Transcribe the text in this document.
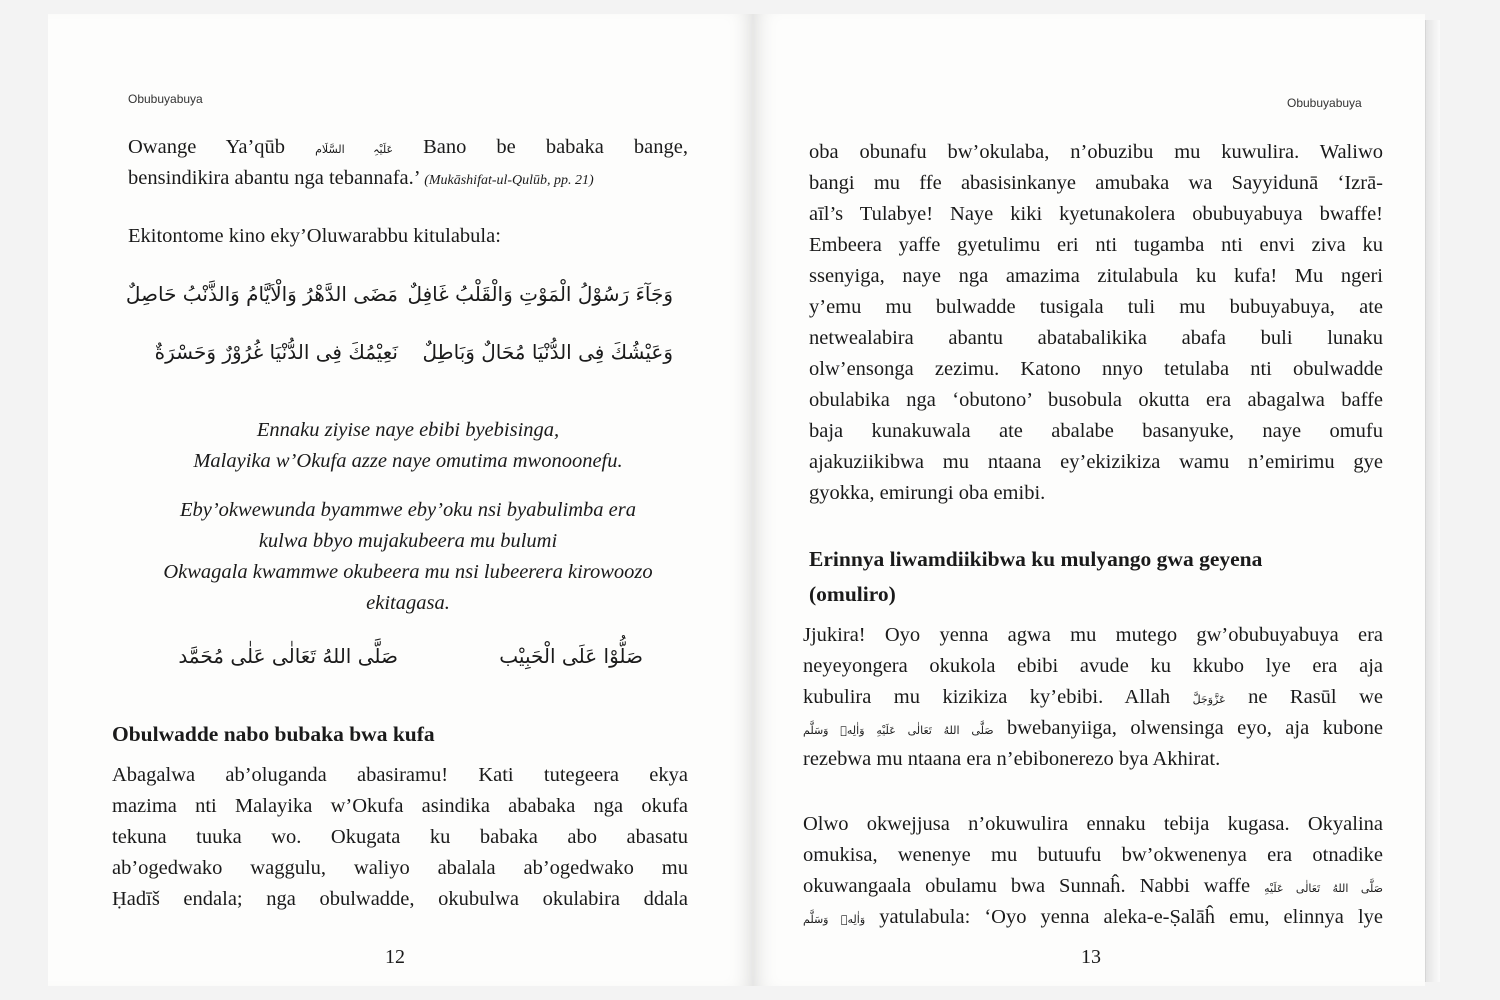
Obubuyabuya
Owange Ya’qūb عَلَیْہِ السَّلَام Bano be babaka bange,
bensindikira abantu nga tebannafa.’ (Mukāshifat-ul-Qulūb, pp. 21)
Ekitontome kino eky’Oluwarabbu kitulabula:
مَضَى الدَّهْرُ وَالْاَيَّامُ وَالذَّنْبُ حَاصِلٌ وَجَآءَ رَسُوْلُ الْمَوْتِ وَالْقَلْبُ غَافِلٌ
نَعِيْمُكَ فِى الدُّنْيَا غُرُوْرٌ وَحَسْرَةٌ وَعَيْشُكَ فِى الدُّنْيَا مُحَالٌ وَبَاطِلٌ
Ennaku ziyise naye ebibi byebisinga,
Malayika w’Okufa azze naye omutima mwonoonefu.
Eby’okwewunda byammwe eby’oku nsi byabulimba era
kulwa bbyo mujakubeera mu bulumi
Okwagala kwammwe okubeera mu nsi lubeerera kirowoozo
ekitagasa.
صَلُّوْا عَلَى الْحَبِيْب
صَلَّى اللهُ تَعَالٰى عَلٰى مُحَمَّد
Obulwadde nabo bubaka bwa kufa
Abagalwa ab’oluganda abasiramu! Kati tutegeera ekya
mazima nti Malayika w’Okufa asindika ababaka nga okufa
tekuna tuuka wo. Okugata ku babaka abo abasatu
ab’ogedwako waggulu, waliyo abalala ab’ogedwako mu
Ḥadīš endala; nga obulwadde, okubulwa okulabira ddala
12
Obubuyabuya
oba obunafu bw’okulaba, n’obuzibu mu kuwulira. Waliwo
bangi mu ffe abasisinkanye amubaka wa Sayyidunā ‘Izrā-
aīl’s Tulabye! Naye kiki kyetunakolera obubuyabuya bwaffe!
Embeera yaffe gyetulimu eri nti tugamba nti envi ziva ku
ssenyiga, naye nga amazima zitulabula ku kufa! Mu ngeri
y’emu mu bulwadde tusigala tuli mu bubuyabuya, ate
netwealabira abantu abatabalikika abafa buli lunaku
olw’ensonga zezimu. Katono nnyo tetulaba nti obulwadde
obulabika nga ‘obutono’ busobula okutta era abagalwa baffe
baja kunakuwala ate abalabe basanyuke, naye omufu
ajakuziikibwa mu ntaana ey’ekizikiza wamu n’emirimu gye
gyokka, emirungi oba emibi.
Erinnya liwamdiikibwa ku mulyango gwa geyena
(omuliro)
Jjukira! Oyo yenna agwa mu mutego gw’obubuyabuya era
neyeyongera okukola ebibi avude ku kkubo lye era aja
kubulira mu kizikiza ky’ebibi. Allah عَزَّوَجَلَّ ne Rasūl we
صَلَّى اللهُ تَعَالٰى عَلَيْهِ وَاٰلِهٖ وَسَلَّم bwebanyiiga, olwensinga eyo, aja kubone
rezebwa mu ntaana era n’ebibonerezo bya Akhirat.
Olwo okwejjusa n’okuwulira ennaku tebija kugasa. Okyalina
omukisa, wenenye mu butuufu bw’okwenenya era otnadike
okuwangaala obulamu bwa Sunnaĥ. Nabbi waffe صَلَّى اللهُ تَعَالٰى عَلَيْهِ
وَاٰلِهٖ وَسَلَّم yatulabula: ‘Oyo yenna aleka-e-Ṣalāĥ emu, elinnya lye
13
